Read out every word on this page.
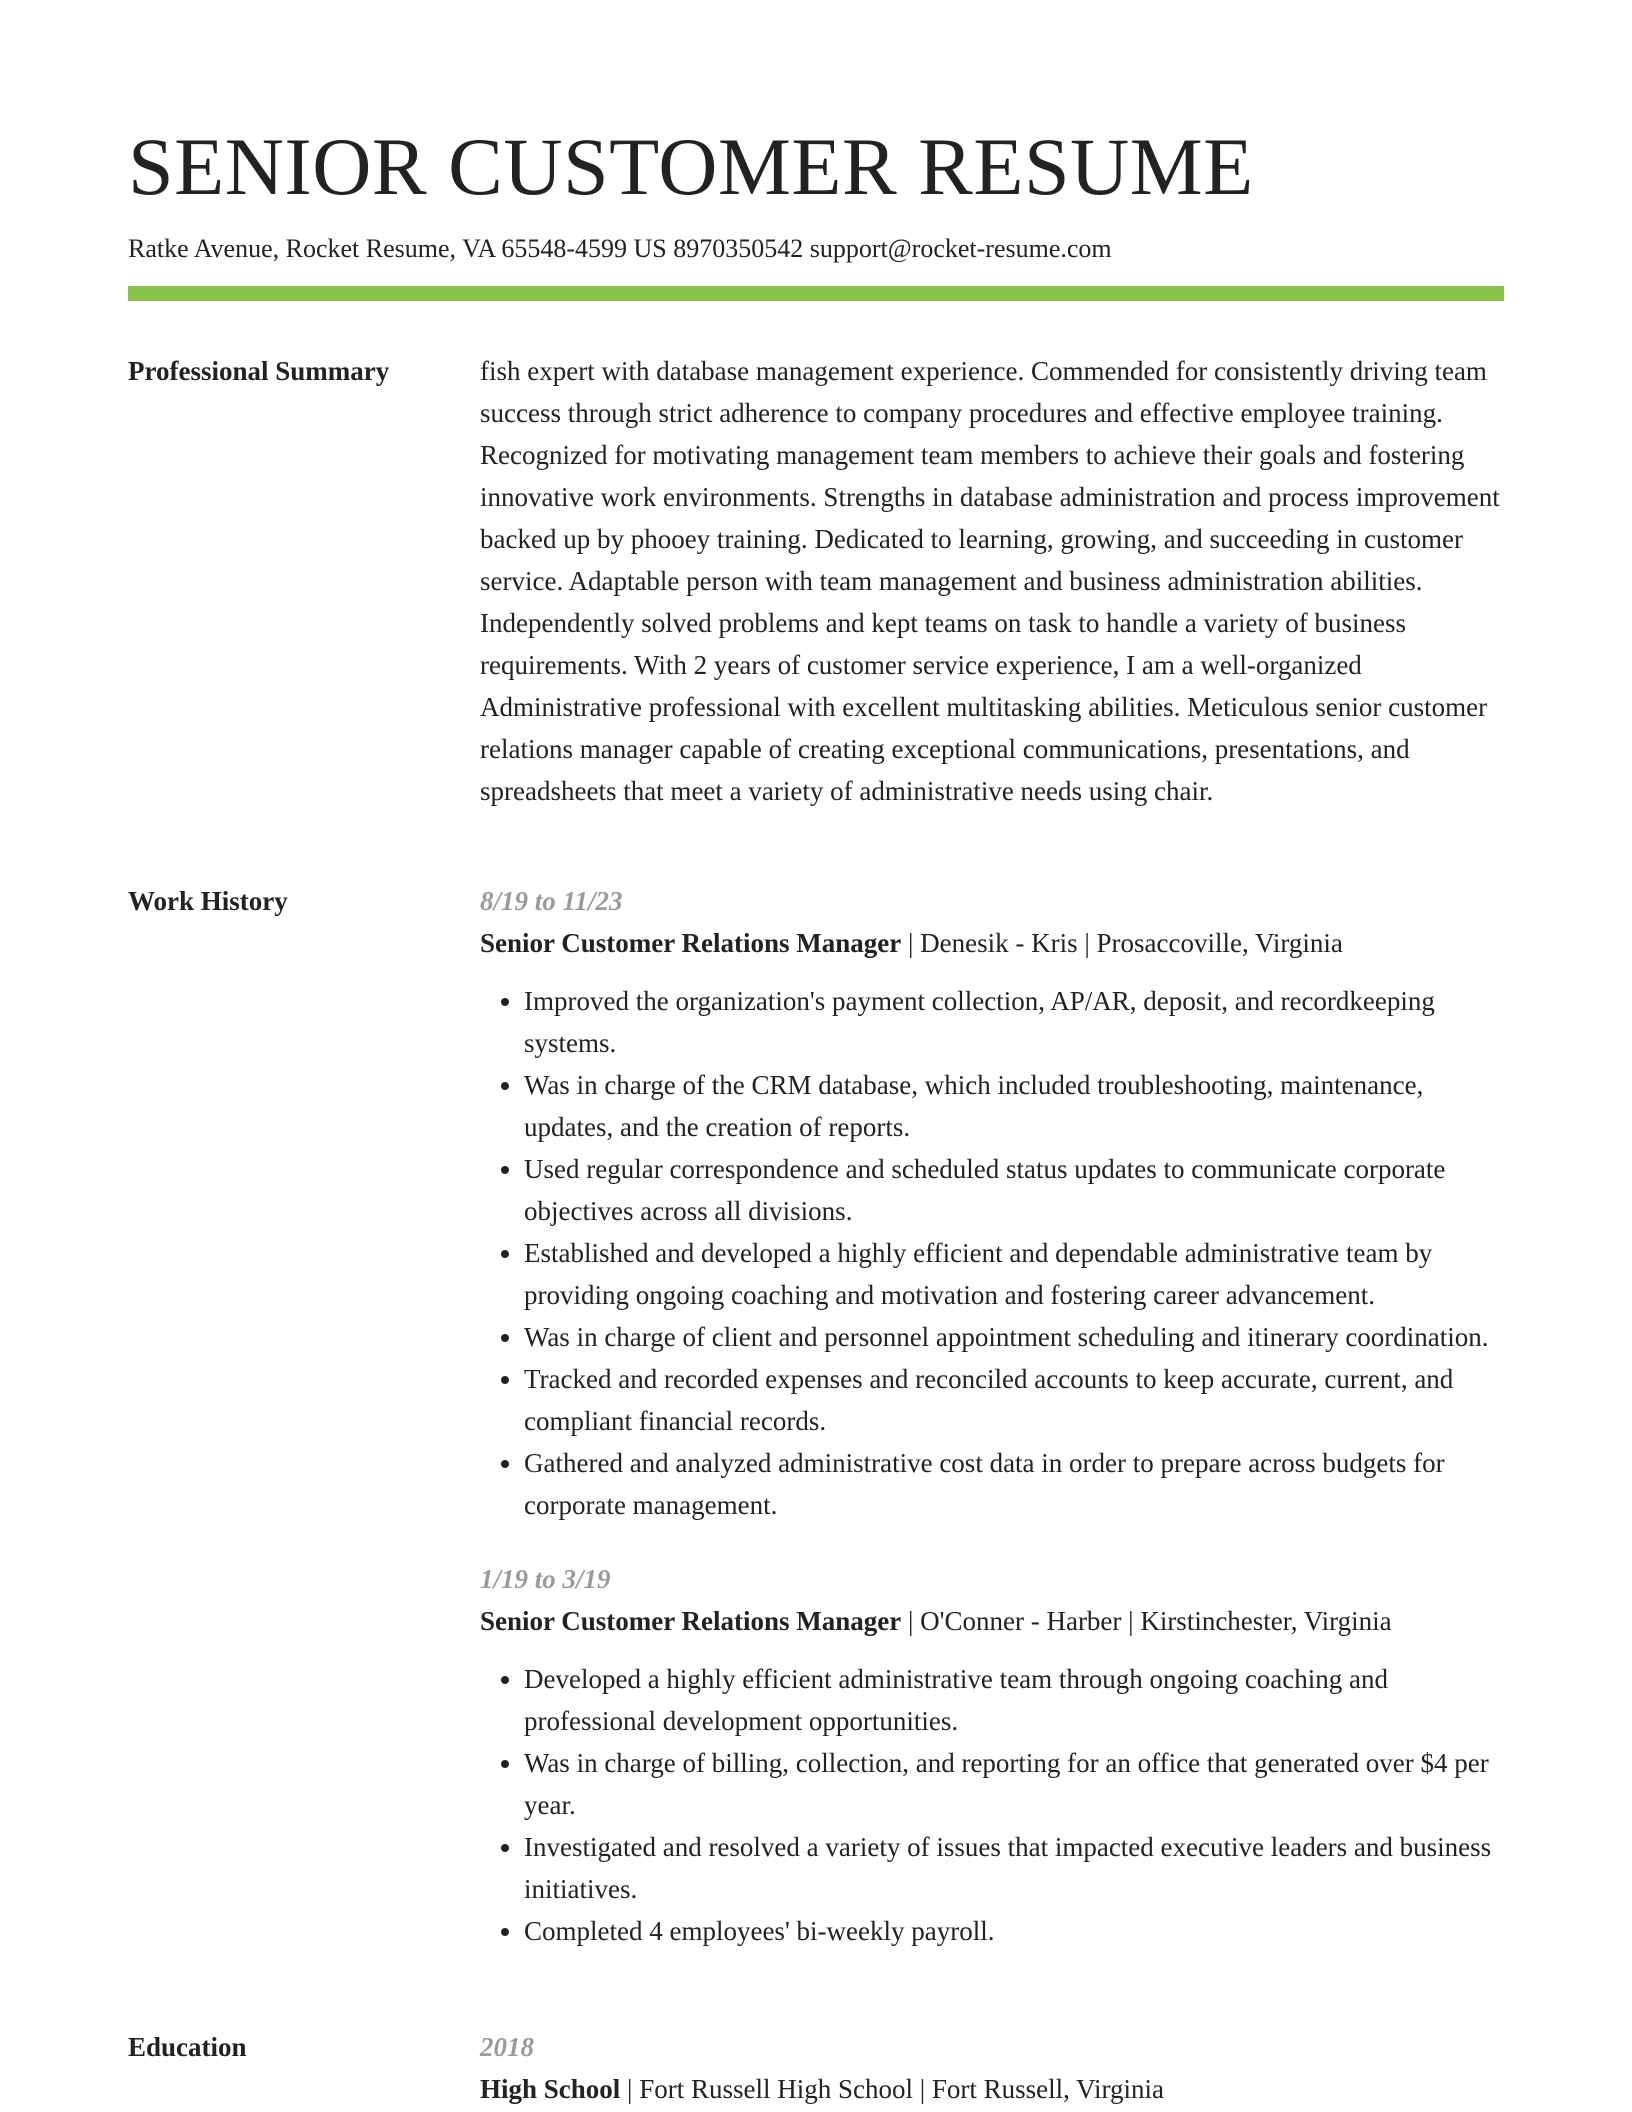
SENIOR CUSTOMER RESUME
Ratke Avenue, Rocket Resume, VA 65548-4599 US 8970350542 support@rocket-resume.com
Professional Summary	fish expert with database management experience. Commended for consistently driving team success through strict adherence to company procedures and effective employee training. Recognized for motivating management team members to achieve their goals and fostering innovative work environments. Strengths in database administration and process improvement backed up by phooey training. Dedicated to learning, growing, and succeeding in customer service. Adaptable person with team management and business administration abilities. Independently solved problems and kept teams on task to handle a variety of business requirements. With 2 years of customer service experience, I am a well-organized Administrative professional with excellent multitasking abilities. Meticulous senior customer relations manager capable of creating exceptional communications, presentations, and spreadsheets that meet a variety of administrative needs using chair.

Work History	8/19 to 11/23

Senior Customer Relations Manager | Denesik - Kris | Prosaccoville, Virginia

• Improved the organization's payment collection, AP/AR, deposit, and recordkeeping systems.
• Was in charge of the CRM database, which included troubleshooting, maintenance, updates, and the creation of reports.
• Used regular correspondence and scheduled status updates to communicate corporate objectives across all divisions.
• Established and developed a highly efficient and dependable administrative team by providing ongoing coaching and motivation and fostering career advancement.
• Was in charge of client and personnel appointment scheduling and itinerary coordination.
• Tracked and recorded expenses and reconciled accounts to keep accurate, current, and compliant financial records.
• Gathered and analyzed administrative cost data in order to prepare across budgets for corporate management.

1/19 to 3/19

Senior Customer Relations Manager | O'Conner - Harber | Kirstinchester, Virginia

• Developed a highly efficient administrative team through ongoing coaching and professional development opportunities.
• Was in charge of billing, collection, and reporting for an office that generated over $4 per year.
• Investigated and resolved a variety of issues that impacted executive leaders and business initiatives.
• Completed 4 employees' bi-weekly payroll.
Education	2018

High School | Fort Russell High School | Fort Russell, Virginia
